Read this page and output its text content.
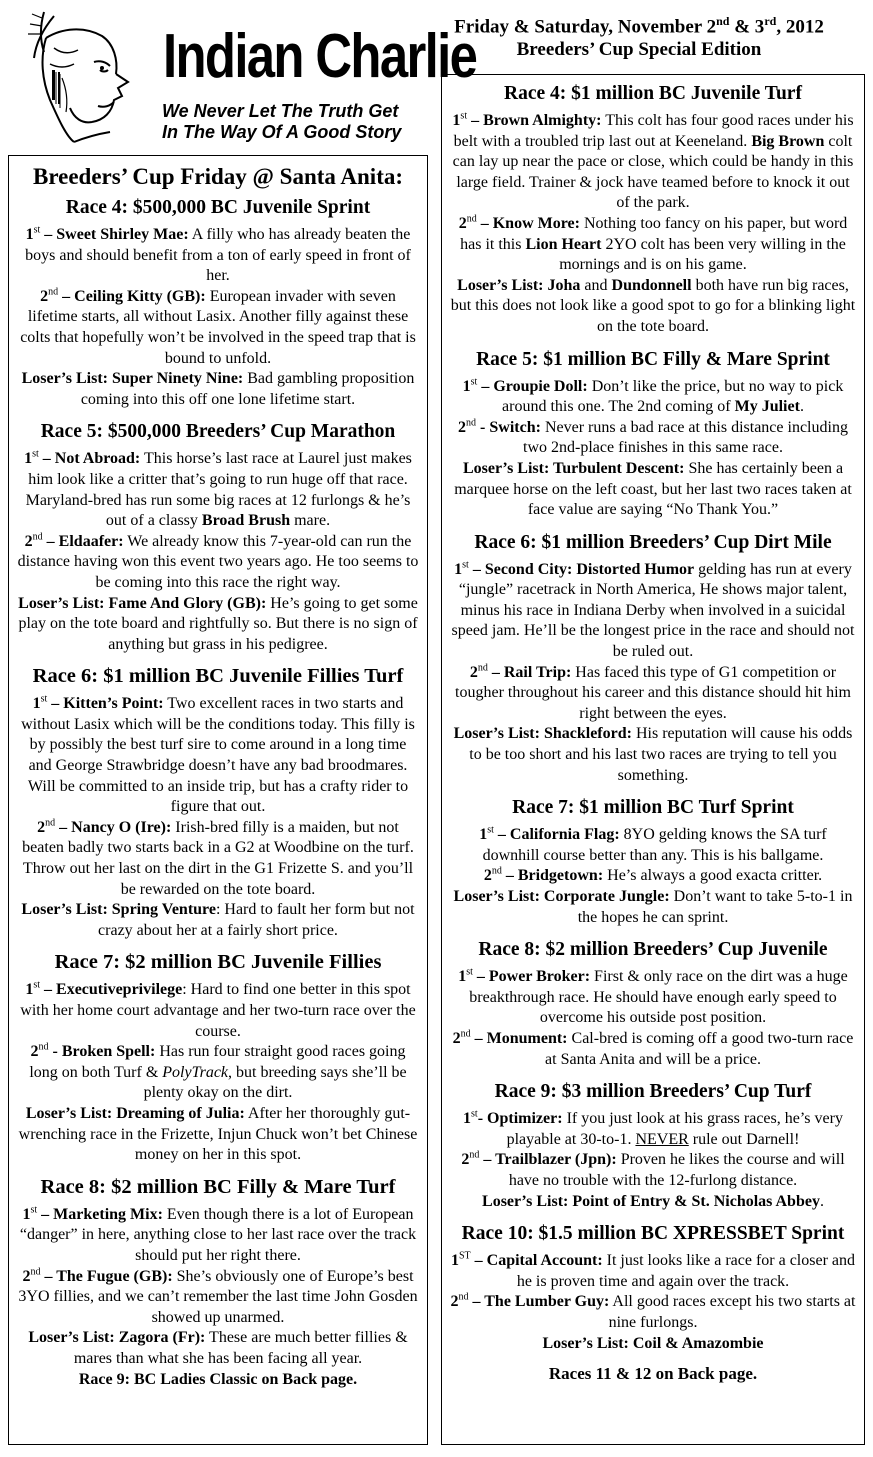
Indian Charlie
We Never Let The Truth Get
In The Way Of A Good Story
Friday & Saturday, November 2nd & 3rd, 2012
Breeders’ Cup Special Edition
Breeders’ Cup Friday @ Santa Anita:
Race 4: $500,000 BC Juvenile Sprint

1st – Sweet Shirley Mae: A filly who has already beaten the boys and should benefit from a ton of early speed in front of her.

2nd – Ceiling Kitty (GB): European invader with seven lifetime starts, all without Lasix. Another filly against these colts that hopefully won’t be involved in the speed trap that is bound to unfold.

Loser’s List: Super Ninety Nine: Bad gambling proposition coming into this off one lone lifetime start.

Race 5: $500,000 Breeders’ Cup Marathon

1st – Not Abroad: This horse’s last race at Laurel just makes him look like a critter that’s going to run huge off that race. Maryland-bred has run some big races at 12 furlongs & he’s out of a classy Broad Brush mare.

2nd – Eldaafer: We already know this 7-year-old can run the distance having won this event two years ago. He too seems to be coming into this race the right way.

Loser’s List: Fame And Glory (GB): He’s going to get some play on the tote board and rightfully so. But there is no sign of anything but grass in his pedigree.

Race 6: $1 million BC Juvenile Fillies Turf

1st – Kitten’s Point: Two excellent races in two starts and without Lasix which will be the conditions today. This filly is by possibly the best turf sire to come around in a long time and George Strawbridge doesn’t have any bad broodmares. Will be committed to an inside trip, but has a crafty rider to figure that out.

2nd – Nancy O (Ire): Irish-bred filly is a maiden, but not beaten badly two starts back in a G2 at Woodbine on the turf. Throw out her last on the dirt in the G1 Frizette S. and you’ll be rewarded on the tote board.

Loser’s List: Spring Venture: Hard to fault her form but not crazy about her at a fairly short price.

Race 7: $2 million BC Juvenile Fillies

1st – Executiveprivilege: Hard to find one better in this spot with her home court advantage and her two-turn race over the course.

2nd - Broken Spell: Has run four straight good races going long on both Turf & PolyTrack, but breeding says she’ll be plenty okay on the dirt.

Loser’s List: Dreaming of Julia: After her thoroughly gut-wrenching race in the Frizette, Injun Chuck won’t bet Chinese money on her in this spot.

Race 8: $2 million BC Filly & Mare Turf

1st – Marketing Mix: Even though there is a lot of European “danger” in here, anything close to her last race over the track should put her right there.

2nd – The Fugue (GB): She’s obviously one of Europe’s best 3YO fillies, and we can’t remember the last time John Gosden showed up unarmed.

Loser’s List: Zagora (Fr): These are much better fillies & mares than what she has been facing all year.

Race 9: BC Ladies Classic on Back page.

Race 4: $1 million BC Juvenile Turf

1st – Brown Almighty: This colt has four good races under his belt with a troubled trip last out at Keeneland. Big Brown colt can lay up near the pace or close, which could be handy in this large field. Trainer & jock have teamed before to knock it out of the park.

2nd – Know More: Nothing too fancy on his paper, but word has it this Lion Heart 2YO colt has been very willing in the mornings and is on his game.

Loser’s List: Joha and Dundonnell both have run big races, but this does not look like a good spot to go for a blinking light on the tote board.

Race 5: $1 million BC Filly & Mare Sprint

1st – Groupie Doll: Don’t like the price, but no way to pick around this one. The 2nd coming of My Juliet.

2nd - Switch: Never runs a bad race at this distance including two 2nd-place finishes in this same race.

Loser’s List: Turbulent Descent: She has certainly been a marquee horse on the left coast, but her last two races taken at face value are saying “No Thank You.”

Race 6: $1 million Breeders’ Cup Dirt Mile

1st – Second City: Distorted Humor gelding has run at every “jungle” racetrack in North America, He shows major talent, minus his race in Indiana Derby when involved in a suicidal speed jam. He’ll be the longest price in the race and should not be ruled out.

2nd – Rail Trip: Has faced this type of G1 competition or tougher throughout his career and this distance should hit him right between the eyes.

Loser’s List: Shackleford: His reputation will cause his odds to be too short and his last two races are trying to tell you something.

Race 7: $1 million BC Turf Sprint

1st – California Flag: 8YO gelding knows the SA turf downhill course better than any. This is his ballgame.

2nd – Bridgetown: He’s always a good exacta critter.

Loser’s List: Corporate Jungle: Don’t want to take 5-to-1 in the hopes he can sprint.

Race 8: $2 million Breeders’ Cup Juvenile

1st – Power Broker: First & only race on the dirt was a huge breakthrough race. He should have enough early speed to overcome his outside post position.

2nd – Monument: Cal-bred is coming off a good two-turn race at Santa Anita and will be a price.

Race 9: $3 million Breeders’ Cup Turf

1st- Optimizer: If you just look at his grass races, he’s very playable at 30-to-1. NEVER rule out Darnell!

2nd – Trailblazer (Jpn): Proven he likes the course and will have no trouble with the 12-furlong distance.

Loser’s List: Point of Entry & St. Nicholas Abbey.

Race 10: $1.5 million BC XPRESSBET Sprint

1ST – Capital Account: It just looks like a race for a closer and he is proven time and again over the track.

2nd – The Lumber Guy: All good races except his two starts at nine furlongs.

Loser’s List: Coil & Amazombie

Races 11 & 12 on Back page.
